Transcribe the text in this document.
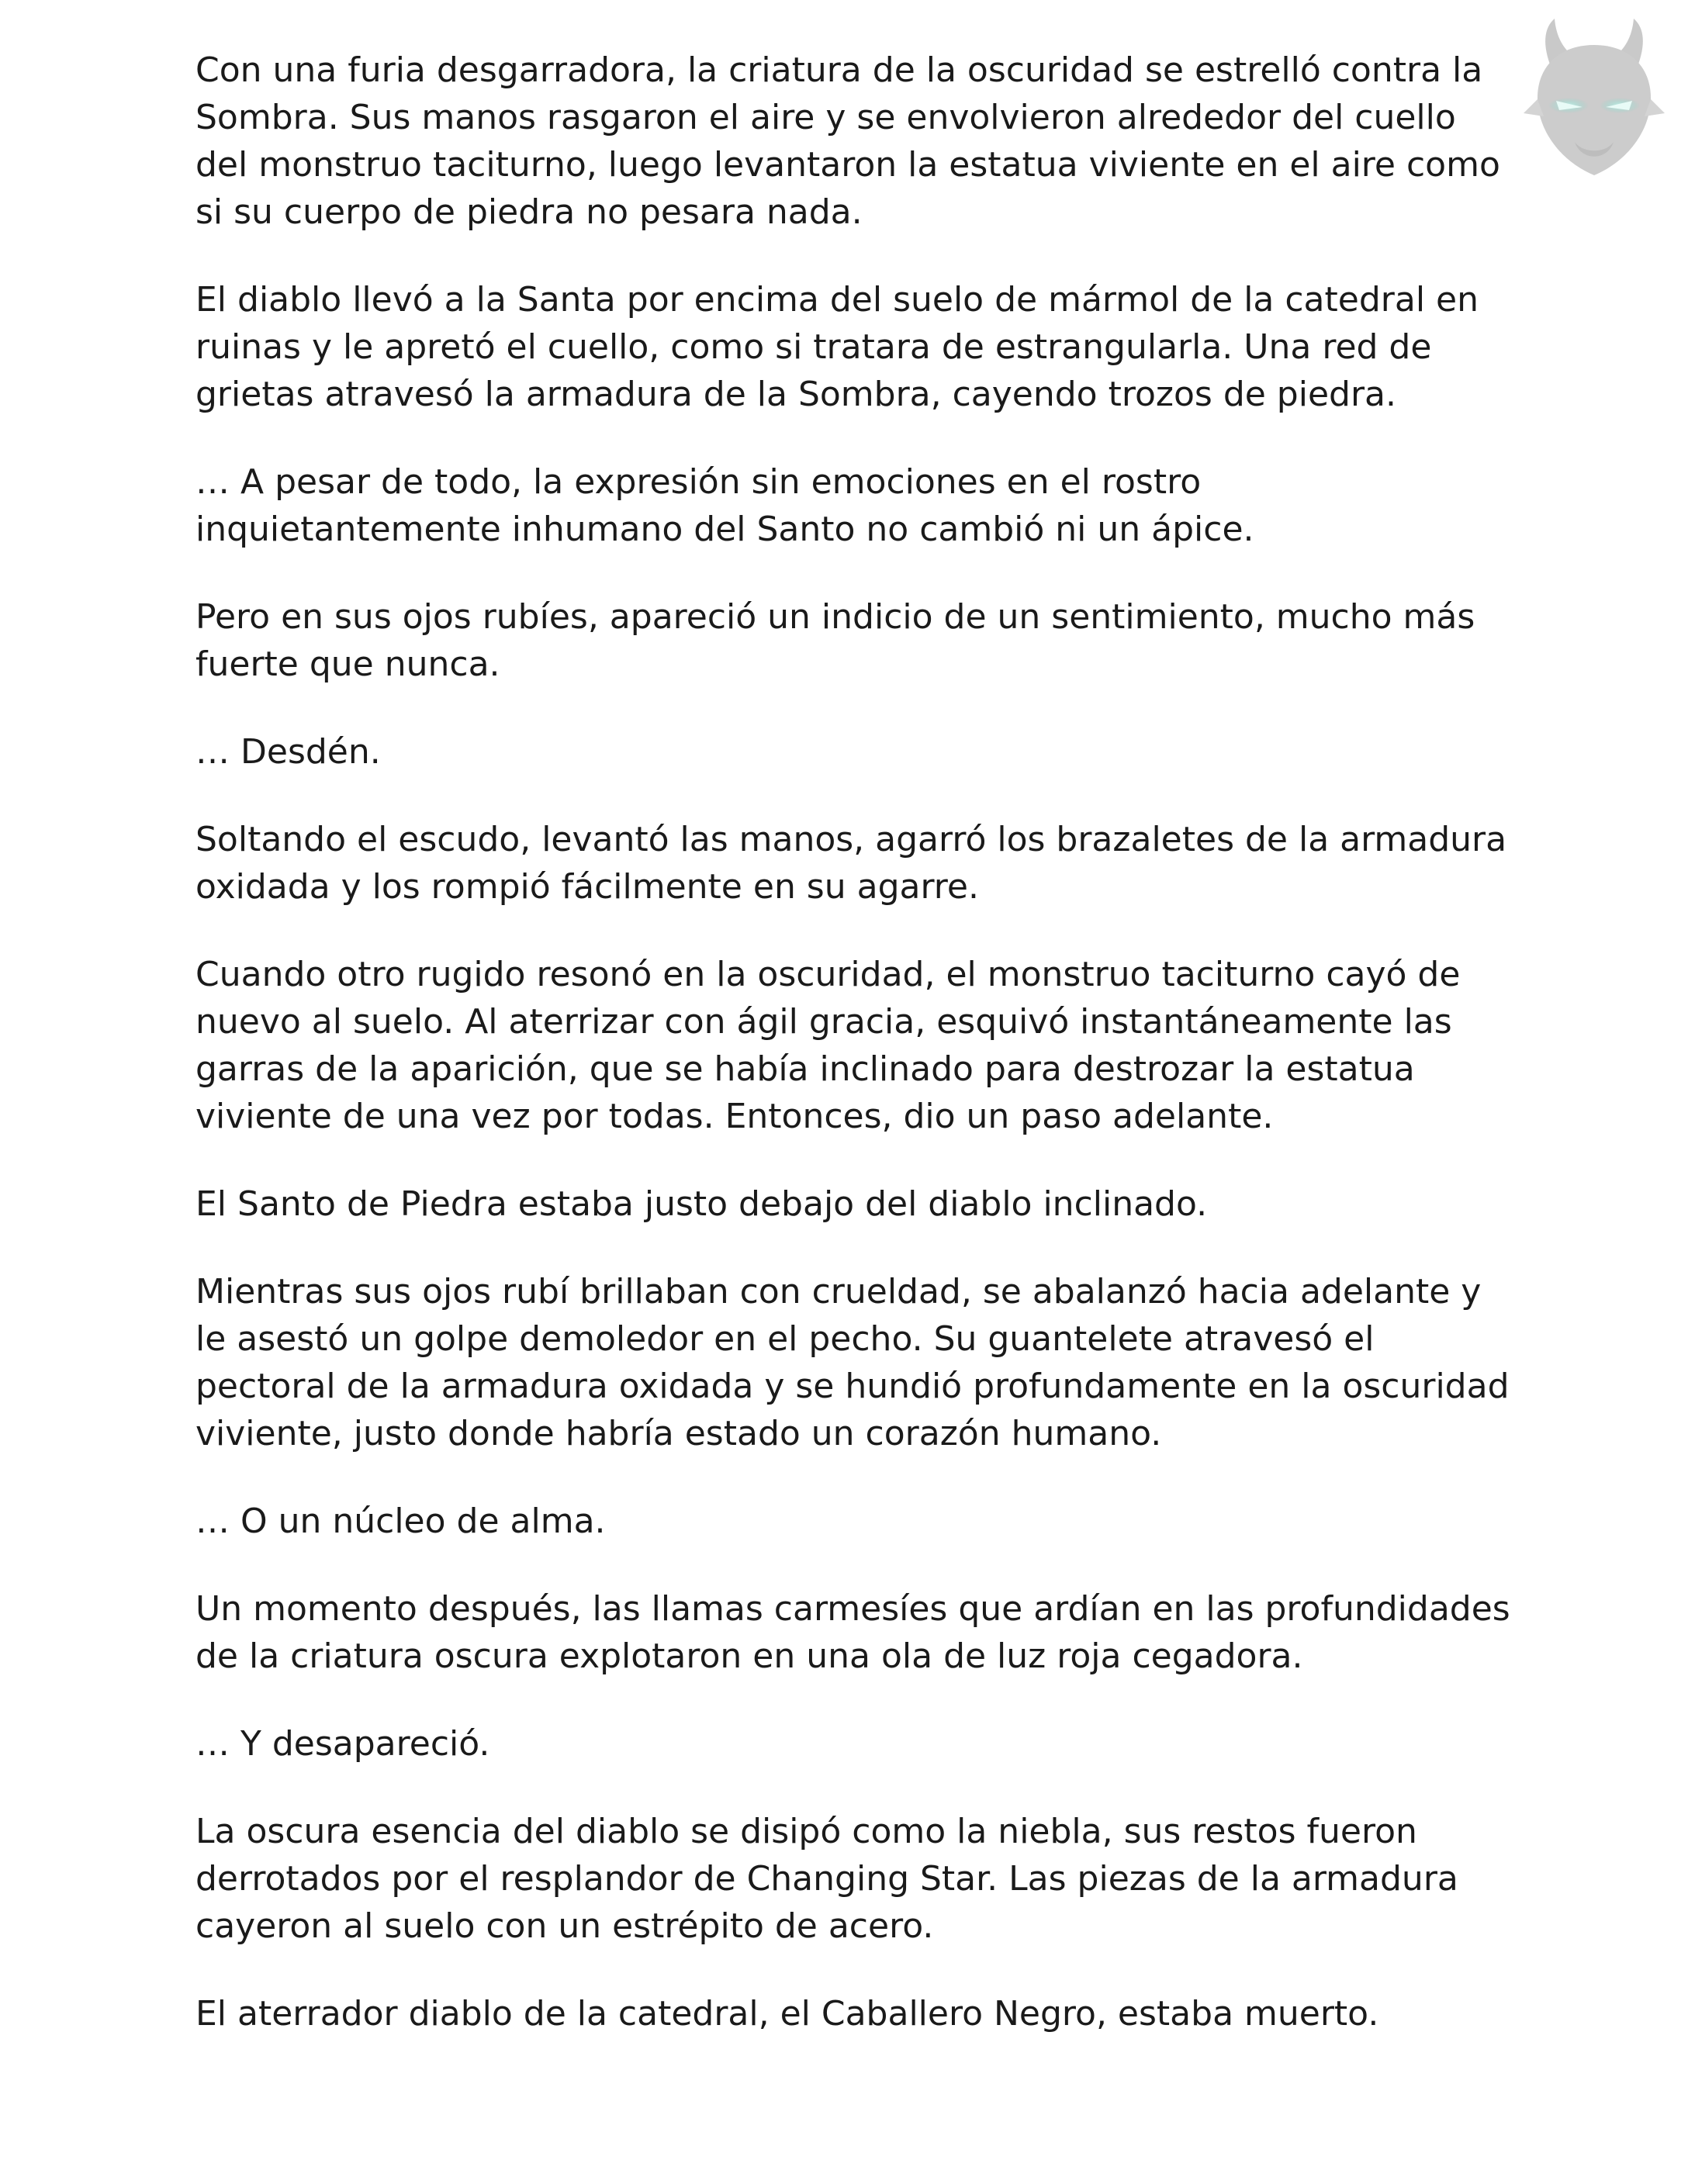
Con una furia desgarradora, la criatura de la oscuridad se estrelló contra la Sombra. Sus manos rasgaron el aire y se envolvieron alrededor del cuello del monstruo taciturno, luego levantaron la estatua viviente en el aire como si su cuerpo de piedra no pesara nada.

El diablo llevó a la Santa por encima del suelo de mármol de la catedral en ruinas y le apretó el cuello, como si tratara de estrangularla. Una red de grietas atravesó la armadura de la Sombra, cayendo trozos de piedra.

… A pesar de todo, la expresión sin emociones en el rostro inquietantemente inhumano del Santo no cambió ni un ápice.

Pero en sus ojos rubíes, apareció un indicio de un sentimiento, mucho más fuerte que nunca.

… Desdén.

Soltando el escudo, levantó las manos, agarró los brazaletes de la armadura oxidada y los rompió fácilmente en su agarre.

Cuando otro rugido resonó en la oscuridad, el monstruo taciturno cayó de nuevo al suelo. Al aterrizar con ágil gracia, esquivó instantáneamente las garras de la aparición, que se había inclinado para destrozar la estatua viviente de una vez por todas. Entonces, dio un paso adelante.

El Santo de Piedra estaba justo debajo del diablo inclinado.

Mientras sus ojos rubí brillaban con crueldad, se abalanzó hacia adelante y le asestó un golpe demoledor en el pecho. Su guantelete atravesó el pectoral de la armadura oxidada y se hundió profundamente en la oscuridad viviente, justo donde habría estado un corazón humano.

… O un núcleo de alma.

Un momento después, las llamas carmesíes que ardían en las profundidades de la criatura oscura explotaron en una ola de luz roja cegadora.

… Y desapareció.

La oscura esencia del diablo se disipó como la niebla, sus restos fueron derrotados por el resplandor de Changing Star. Las piezas de la armadura cayeron al suelo con un estrépito de acero.

El aterrador diablo de la catedral, el Caballero Negro, estaba muerto.
